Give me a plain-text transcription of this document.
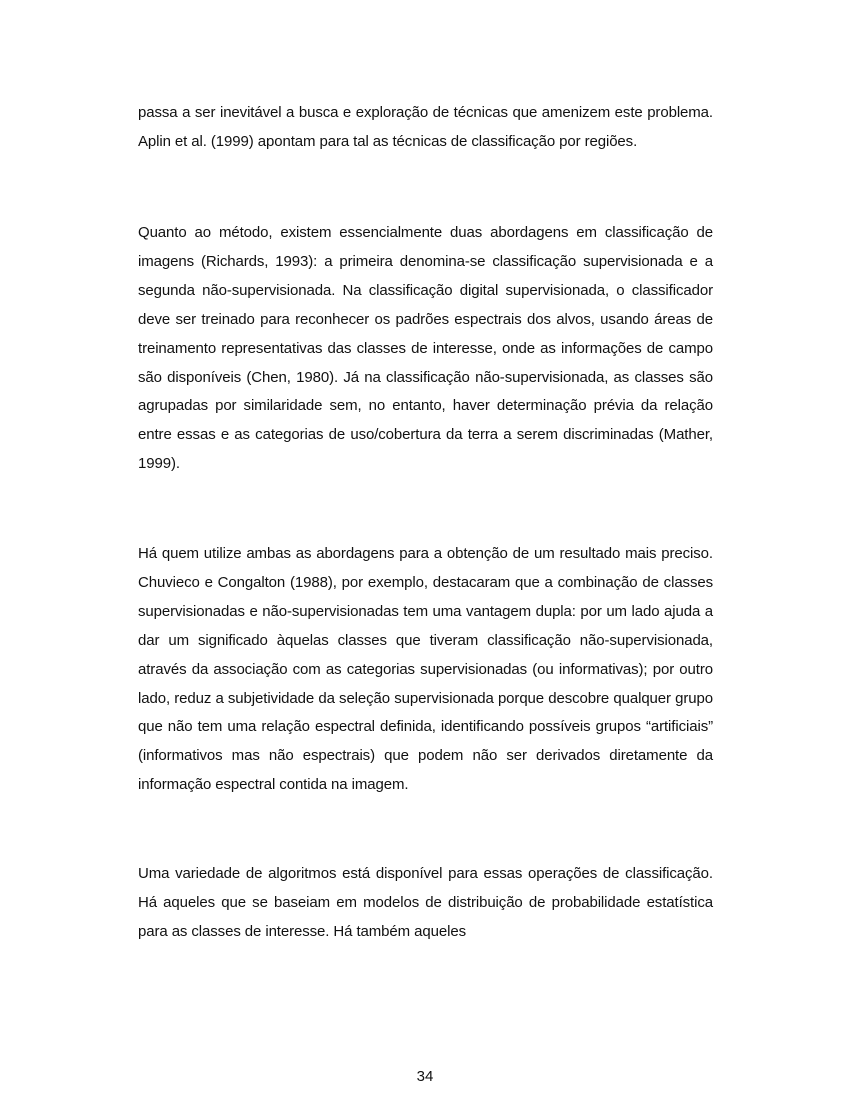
passa a ser inevitável a busca e exploração de técnicas que amenizem este problema. Aplin et al. (1999) apontam para tal as técnicas de classificação por regiões.

Quanto ao método, existem essencialmente duas abordagens em classificação de imagens (Richards, 1993): a primeira denomina-se classificação supervisionada e a segunda não-supervisionada. Na classificação digital supervisionada, o classificador deve ser treinado para reconhecer os padrões espectrais dos alvos, usando áreas de treinamento representativas das classes de interesse, onde as informações de campo são disponíveis (Chen, 1980). Já na classificação não-supervisionada, as classes são agrupadas por similaridade sem, no entanto, haver determinação prévia da relação entre essas e as categorias de uso/cobertura da terra a serem discriminadas (Mather, 1999).

Há quem utilize ambas as abordagens para a obtenção de um resultado mais preciso. Chuvieco e Congalton (1988), por exemplo, destacaram que a combinação de classes supervisionadas e não-supervisionadas tem uma vantagem dupla: por um lado ajuda a dar um significado àquelas classes que tiveram classificação não-supervisionada, através da associação com as categorias supervisionadas (ou informativas); por outro lado, reduz a subjetividade da seleção supervisionada porque descobre qualquer grupo que não tem uma relação espectral definida, identificando possíveis grupos “artificiais” (informativos mas não espectrais) que podem não ser derivados diretamente da informação espectral contida na imagem.

Uma variedade de algoritmos está disponível para essas operações de classificação. Há aqueles que se baseiam em modelos de distribuição de probabilidade estatística para as classes de interesse. Há também aqueles

34
